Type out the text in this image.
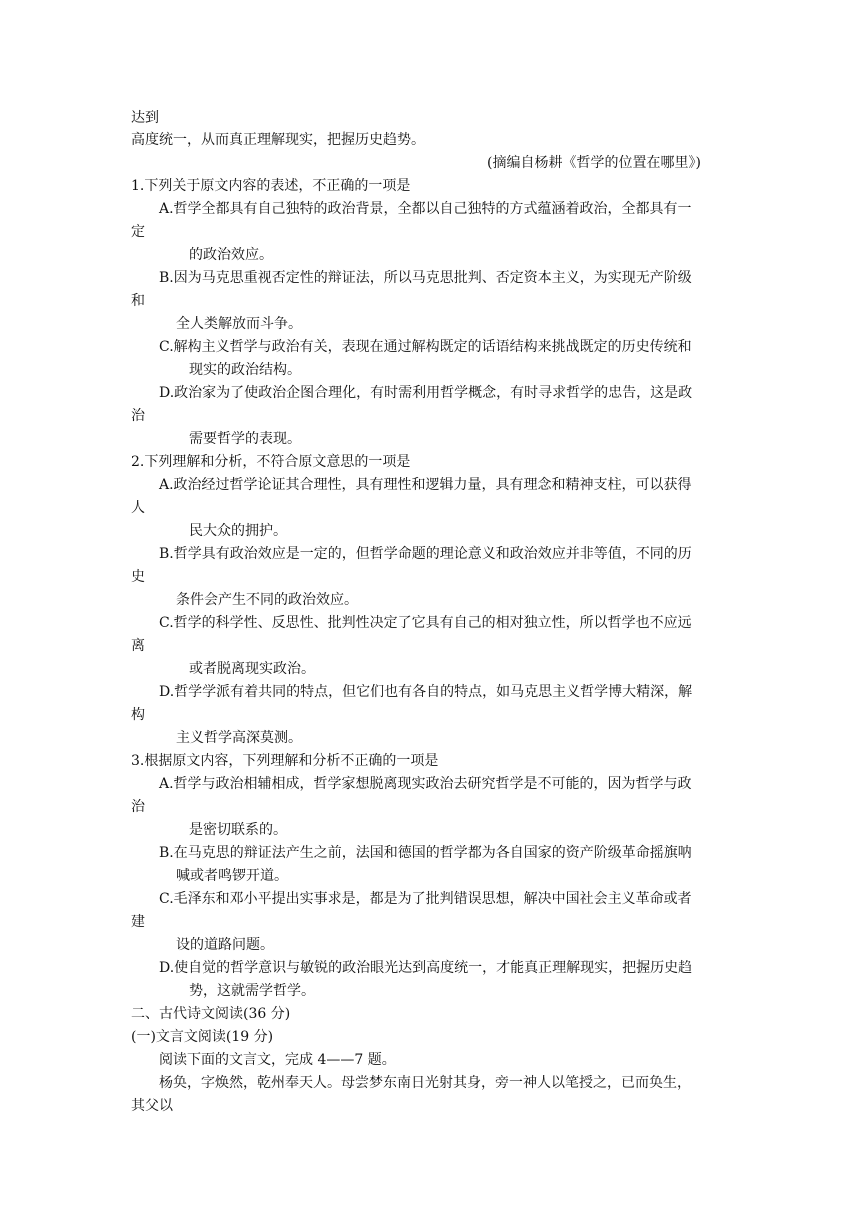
达到
高度统一，从而真正理解现实，把握历史趋势。
(摘编自杨耕《哲学的位置在哪里》)
1.下列关于原文内容的表述，不正确的一项是
A.哲学全都具有自己独特的政治背景，全都以自己独特的方式蕴涵着政治，全都具有一
定
的政治效应。
B.因为马克思重视否定性的辩证法，所以马克思批判、否定资本主义，为实现无产阶级
和
全人类解放而斗争。
C.解构主义哲学与政治有关，表现在通过解构既定的话语结构来挑战既定的历史传统和
现实的政治结构。
D.政治家为了使政治企图合理化，有时需利用哲学概念，有时寻求哲学的忠告，这是政
治
需要哲学的表现。
2.下列理解和分析，不符合原文意思的一项是
A.政治经过哲学论证其合理性，具有理性和逻辑力量，具有理念和精神支柱，可以获得
人
民大众的拥护。
B.哲学具有政治效应是一定的，但哲学命题的理论意义和政治效应并非等值，不同的历
史
条件会产生不同的政治效应。
C.哲学的科学性、反思性、批判性决定了它具有自己的相对独立性，所以哲学也不应远
离
或者脱离现实政治。
D.哲学学派有着共同的特点，但它们也有各自的特点，如马克思主义哲学博大精深，解
构
主义哲学高深莫测。
3.根据原文内容，下列理解和分析不正确的一项是
A.哲学与政治相辅相成，哲学家想脱离现实政治去研究哲学是不可能的，因为哲学与政
治
是密切联系的。
B.在马克思的辩证法产生之前，法国和德国的哲学都为各自国家的资产阶级革命摇旗呐
喊或者鸣锣开道。
C.毛泽东和邓小平提出实事求是，都是为了批判错误思想，解决中国社会主义革命或者
建
设的道路问题。
D.使自觉的哲学意识与敏锐的政治眼光达到高度统一，才能真正理解现实，把握历史趋
势，这就需学哲学。
二、古代诗文阅读(36 分)
(一)文言文阅读(19 分)
阅读下面的文言文，完成 4——7 题。
杨奂，字焕然，乾州奉天人。母尝梦东南日光射其身，旁一神人以笔授之，已而奂生，
其父以
